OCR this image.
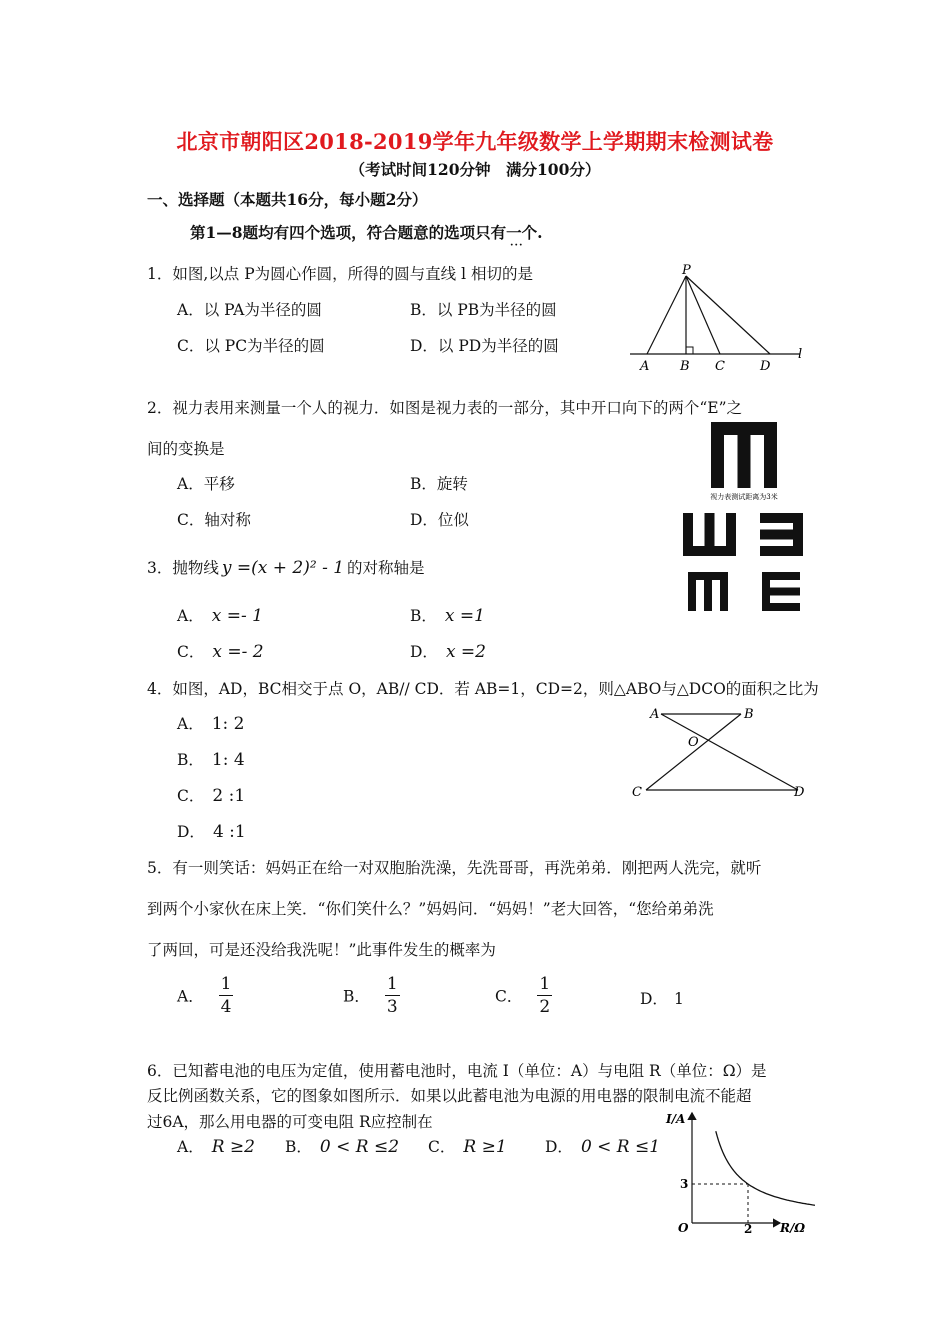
北京市朝阳区2018-2019学年九年级数学上学期期末检测试卷
（考试时间120分钟　满分100分）
一、选择题（本题共16分，每小题2分）
第1—8题均有四个选项，符合题意的选项只有一个.
· · ·
1．如图,以点 P为圆心作圆，所得的圆与直线 l 相切的是
A．以 PA为半径的圆	B．以 PB为半径的圆
C．以 PC为半径的圆	D．以 PD为半径的圆
P
A B C	D
l
2．视力表用来测量一个人的视力．如图是视力表的一部分，其中开口向下的两个“E”之
间的变换是
A．平移	B．旋转
C．轴对称	D．位似
视力表测试距离为3米
3．抛物线 y =(x + 2)² - 1 的对称轴是
A． x =- 1	B． x =1
C． x =- 2	D． x =2
4．如图，AD，BC相交于点 O，AB// CD．若 AB=1，CD=2，则△ABO与△DCO的面积之比为
A． 1: 2
B． 1: 4
C． 2 :1
D． 4 :1
A	B
O
C	D
5．有一则笑话：妈妈正在给一对双胞胎洗澡，先洗哥哥，再洗弟弟．刚把两人洗完，就听
到两个小家伙在床上笑．“你们笑什么？”妈妈问．“妈妈！”老大回答，“您给弟弟洗
了两回，可是还没给我洗呢！”此事件发生的概率为
A． $\frac{1}{4}$	B． $\frac{1}{3}$	C． $\frac{1}{2}$	D． 1
6．已知蓄电池的电压为定值，使用蓄电池时，电流 I（单位：A）与电阻 R（单位：Ω）是
反比例函数关系，它的图象如图所示．如果以此蓄电池为电源的用电器的限制电流不能超
过6A，那么用电器的可变电阻 R应控制在
A． R ≥2 B． 0 < R ≤2 C． R ≥1 D． 0 < R ≤1
I/A
R/Ω
O
3
2
